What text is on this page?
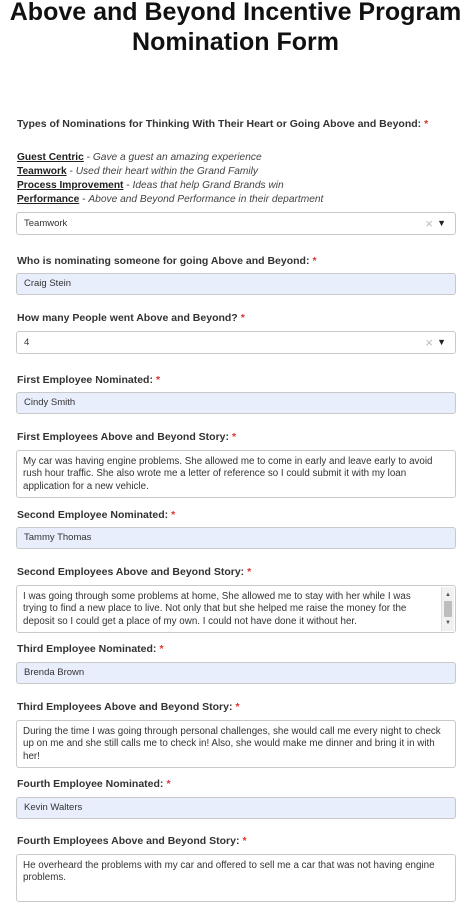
Above and Beyond Incentive Program
Nomination Form
Types of Nominations for Thinking With Their Heart or Going Above and Beyond: *
Guest Centric - Gave a guest an amazing experience
Teamwork - Used their heart within the Grand Family
Process Improvement - Ideas that help Grand Brands win
Performance - Above and Beyond Performance in their department
Teamwork	× ▼
Who is nominating someone for going Above and Beyond: *
Craig Stein
How many People went Above and Beyond? *
4	× ▼
First Employee Nominated: *
Cindy Smith
First Employees Above and Beyond Story: *
My car was having engine problems. She allowed me to come in early and leave early to avoid rush hour traffic. She also wrote me a letter of reference so I could submit it with my loan application for a new vehicle.
Second Employee Nominated: *
Tammy Thomas
Second Employees Above and Beyond Story: *
I was going through some problems at home, She allowed me to stay with her while I was trying to find a new place to live. Not only that but she helped me raise the money for the deposit so I could get a place of my own. I could not have done it without her.
▲
▼
Third Employee Nominated: *
Brenda Brown
Third Employees Above and Beyond Story: *
During the time I was going through personal challenges, she would call me every night to check up on me and she still calls me to check in! Also, she would make me dinner and bring it in with her!
Fourth Employee Nominated: *
Kevin Walters
Fourth Employees Above and Beyond Story: *
He overheard the problems with my car and offered to sell me a car that was not having engine problems.
